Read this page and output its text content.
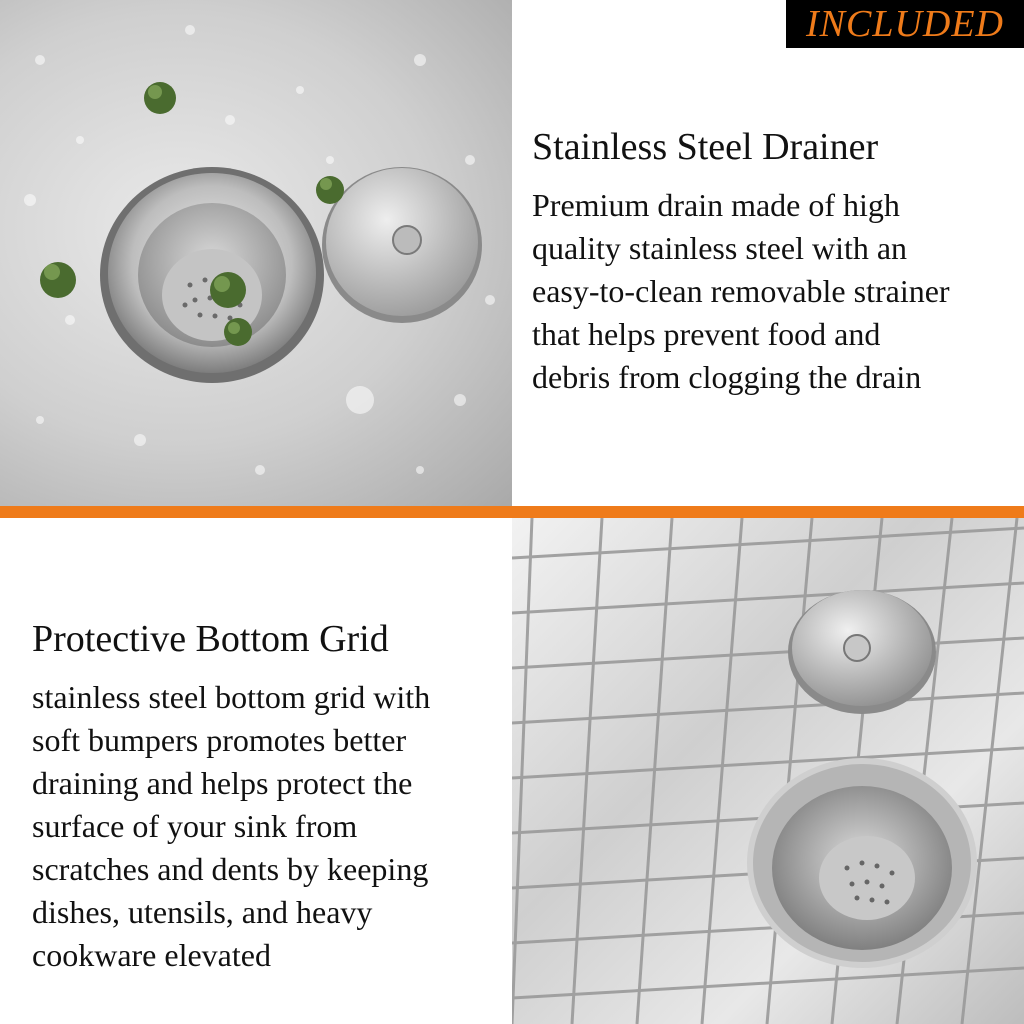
INCLUDED
Stainless Steel Drainer
Premium drain made of high
quality stainless steel with an
easy-to-clean removable strainer
that helps prevent food and
debris from clogging the drain
Protective Bottom Grid
stainless steel bottom grid with
soft bumpers promotes better
draining and helps protect the
surface of your sink from
scratches and dents by keeping
dishes, utensils, and heavy
cookware elevated
